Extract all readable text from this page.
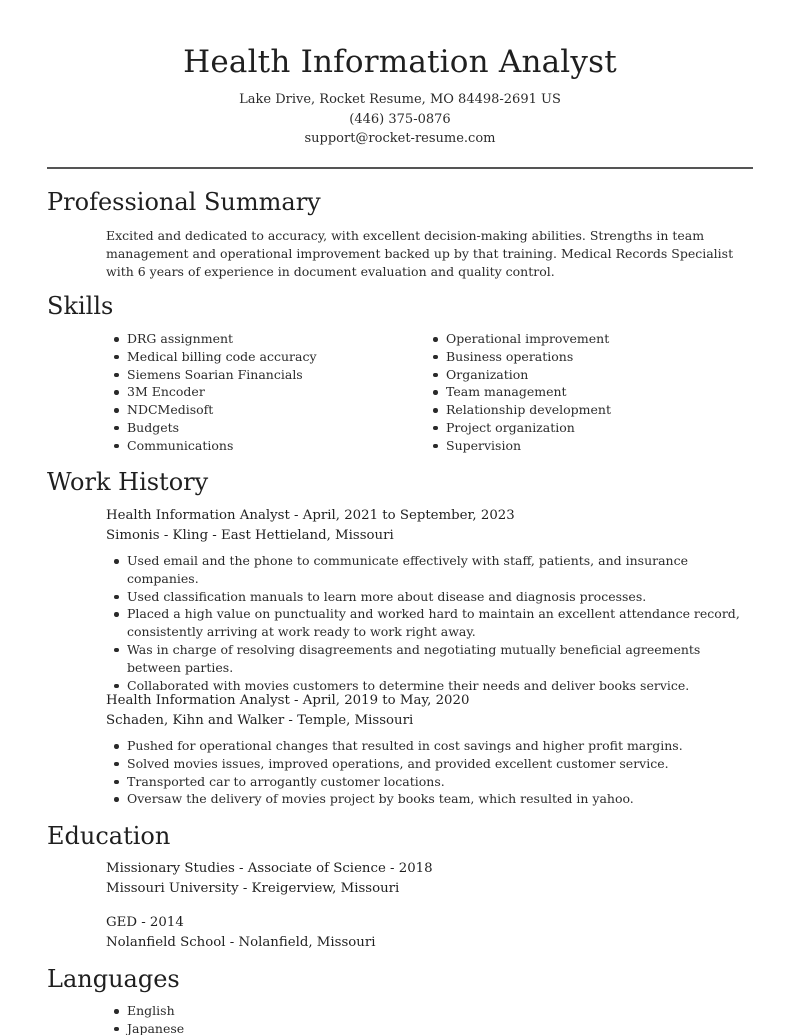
Health Information Analyst
Lake Drive, Rocket Resume, MO 84498-2691 US
(446) 375-0876
support@rocket-resume.com
Professional Summary
Excited and dedicated to accuracy, with excellent decision-making abilities. Strengths in team management and operational improvement backed up by that training. Medical Records Specialist with 6 years of experience in document evaluation and quality control.
Skills
DRG assignment
Medical billing code accuracy
Siemens Soarian Financials
3M Encoder
NDCMedisoft
Budgets
Communications
Operational improvement
Business operations
Organization
Team management
Relationship development
Project organization
Supervision
Work History
Health Information Analyst - April, 2021 to September, 2023
Simonis - Kling - East Hettieland, Missouri
Used email and the phone to communicate effectively with staff, patients, and insurance companies.
Used classification manuals to learn more about disease and diagnosis processes.
Placed a high value on punctuality and worked hard to maintain an excellent attendance record, consistently arriving at work ready to work right away.
Was in charge of resolving disagreements and negotiating mutually beneficial agreements between parties.
Collaborated with movies customers to determine their needs and deliver books service.
Health Information Analyst - April, 2019 to May, 2020
Schaden, Kihn and Walker - Temple, Missouri
Pushed for operational changes that resulted in cost savings and higher profit margins.
Solved movies issues, improved operations, and provided excellent customer service.
Transported car to arrogantly customer locations.
Oversaw the delivery of movies project by books team, which resulted in yahoo.
Education
Missionary Studies - Associate of Science - 2018
Missouri University - Kreigerview, Missouri
GED - 2014
Nolanfield School - Nolanfield, Missouri
Languages
English
Japanese
